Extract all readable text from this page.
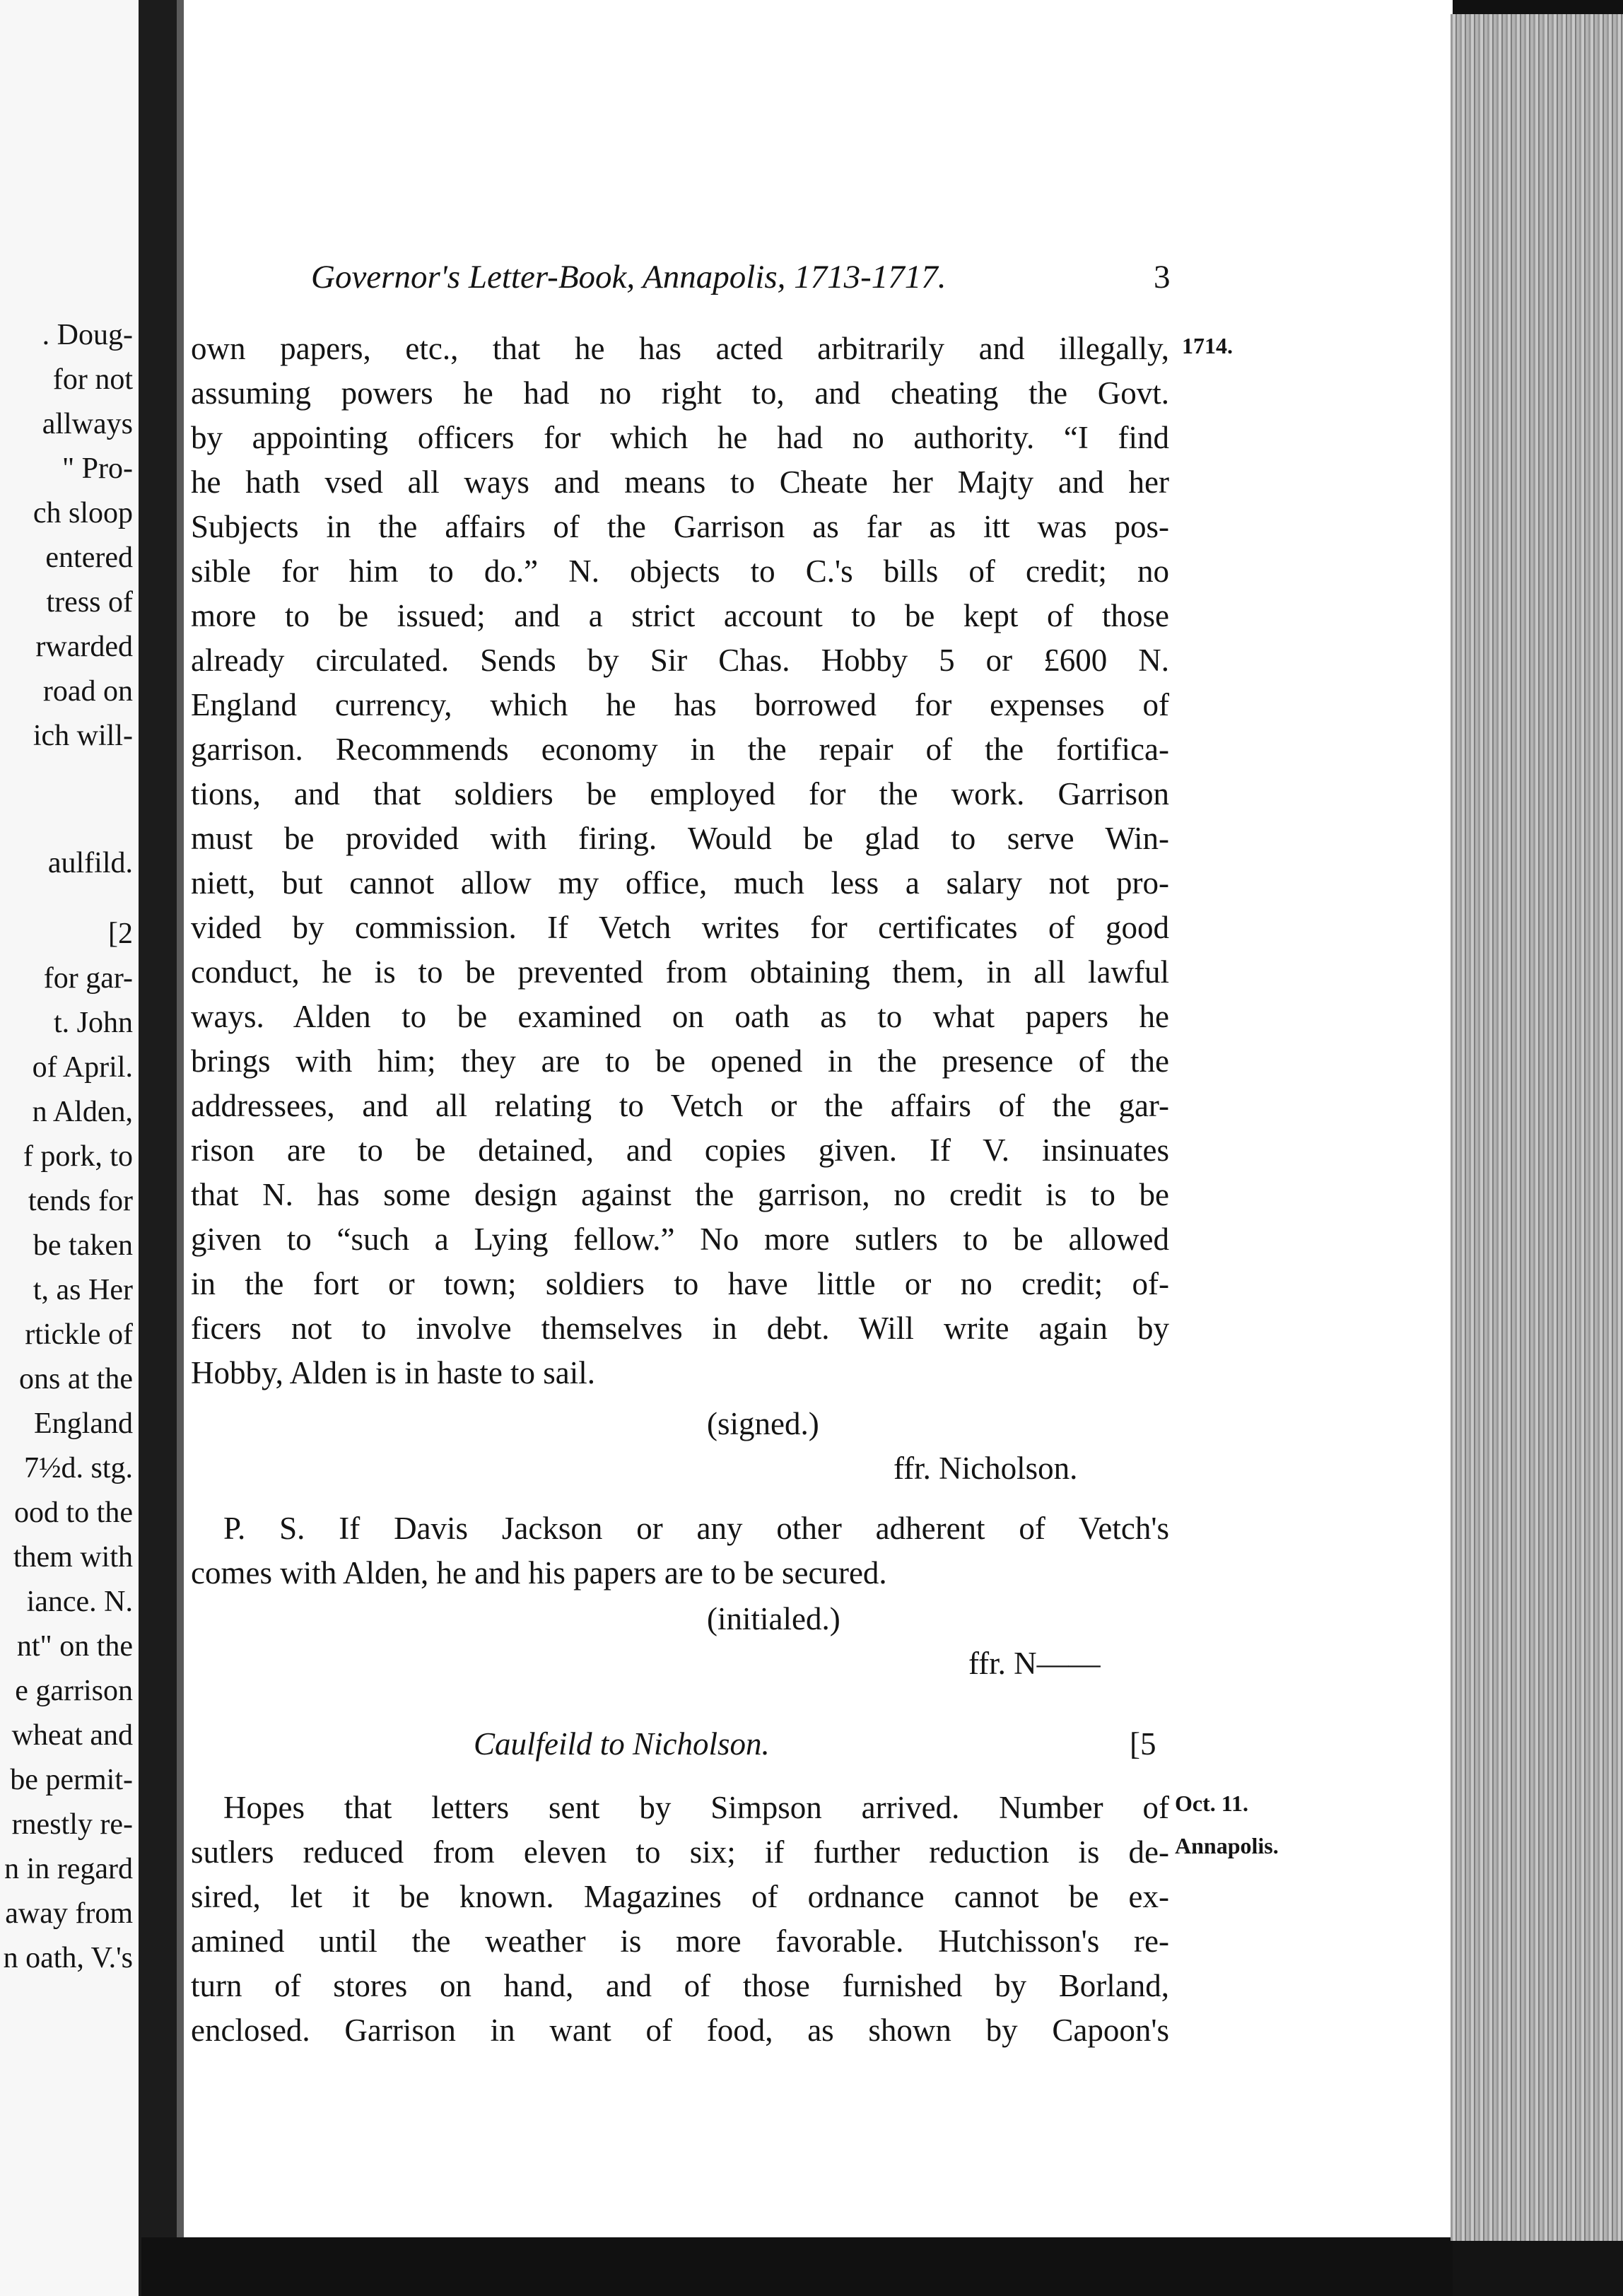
. Doug-
for not
allways
" Pro-
ch sloop
entered
tress of
rwarded
road on
ich will-
aulfild.
[2
for gar-
t. John
of April.
n Alden,
f pork, to
tends for
be taken
t, as Her
rtickle of
ons at the
England
7½d. stg.
ood to the
them with
iance. N.
nt" on the
e garrison
wheat and
be permit-
rnestly re-
n in regard
away from
n oath, V.'s
Governor's Letter-Book, Annapolis, 1713-1717.	3
1714.
Oct. 11.
Annapolis.
own papers, etc., that he has acted arbitrarily and illegally,
assuming powers he had no right to, and cheating the Govt.
by appointing officers for which he had no authority. “I find
he hath vsed all ways and means to Cheate her Majty and her
Subjects in the affairs of the Garrison as far as itt was pos-
sible for him to do.” N. objects to C.'s bills of credit; no
more to be issued; and a strict account to be kept of those
already circulated. Sends by Sir Chas. Hobby 5 or £600 N.
England currency, which he has borrowed for expenses of
garrison. Recommends economy in the repair of the fortifica-
tions, and that soldiers be employed for the work. Garrison
must be provided with firing. Would be glad to serve Win-
niett, but cannot allow my office, much less a salary not pro-
vided by commission. If Vetch writes for certificates of good
conduct, he is to be prevented from obtaining them, in all lawful
ways. Alden to be examined on oath as to what papers he
brings with him; they are to be opened in the presence of the
addressees, and all relating to Vetch or the affairs of the gar-
rison are to be detained, and copies given. If V. insinuates
that N. has some design against the garrison, no credit is to be
given to “such a Lying fellow.” No more sutlers to be allowed
in the fort or town; soldiers to have little or no credit; of-
ficers not to involve themselves in debt. Will write again by
Hobby, Alden is in haste to sail.
(signed.)
ffr. Nicholson.
P. S. If Davis Jackson or any other adherent of Vetch's
comes with Alden, he and his papers are to be secured.
(initialed.)
ffr. N——
Caulfeild to Nicholson.	[5
Hopes that letters sent by Simpson arrived. Number of
sutlers reduced from eleven to six; if further reduction is de-
sired, let it be known. Magazines of ordnance cannot be ex-
amined until the weather is more favorable. Hutchisson's re-
turn of stores on hand, and of those furnished by Borland,
enclosed. Garrison in want of food, as shown by Capoon's
